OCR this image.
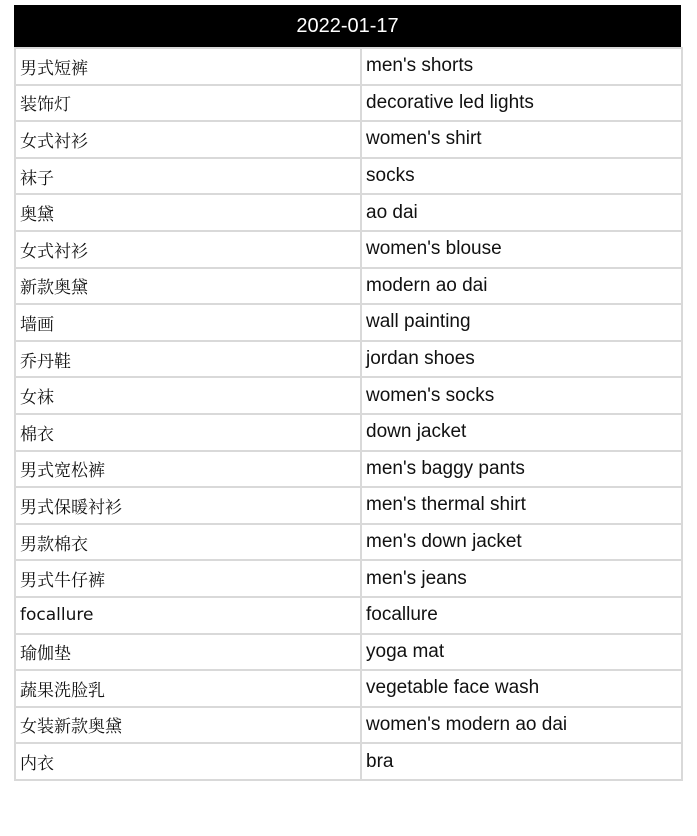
2022-01-17
男式短裤	men's shorts
装饰灯	decorative led lights
女式衬衫	women's shirt
袜子	socks
奥黛	ao dai
女式衬衫	women's blouse
新款奥黛	modern ao dai
墙画	wall painting
乔丹鞋	jordan shoes
女袜	women's socks
棉衣	down jacket
男式宽松裤	men's baggy pants
男式保暖衬衫	men's thermal shirt
男款棉衣	men's down jacket
男式牛仔裤	men's jeans
focallure	focallure
瑜伽垫	yoga mat
蔬果洗脸乳	vegetable face wash
女装新款奥黛	women's modern ao dai
内衣	bra
